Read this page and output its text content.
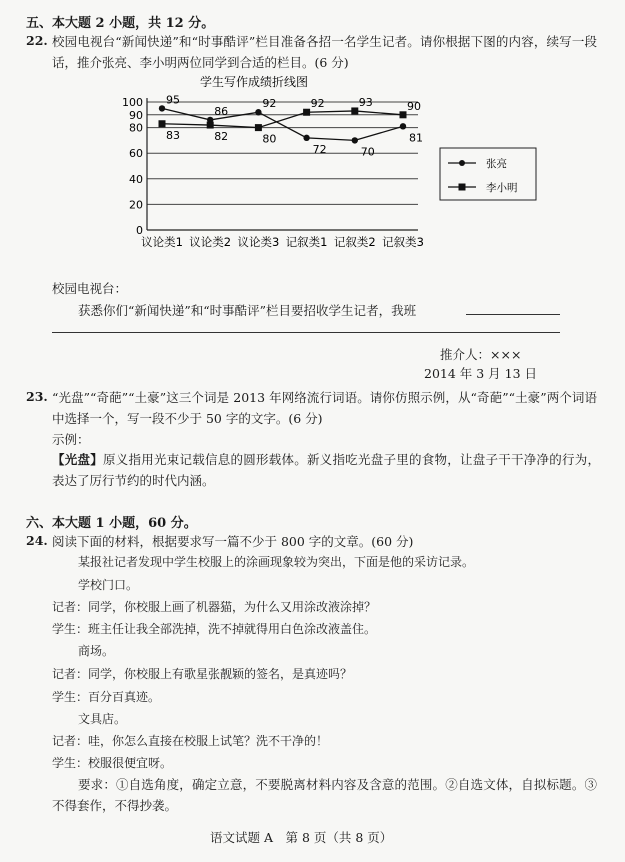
五、本大题 2 小题，共 12 分。
22. 校园电视台“新闻快递”和“时事酷评”栏目准备各招一名学生记者。请你根据下图的内容，续写一段话，推介张亮、李小明两位同学到合适的栏目。(6 分)
学生写作成绩折线图
0
20
40
60
80
90
100
议论类1 议论类2 议论类3 记叙类1 记叙类2 记叙类3
95
86
92
72	70
81
83	82	80
92	93	90
张亮
李小明
校园电视台：
获悉你们“新闻快递”和“时事酷评”栏目要招收学生记者，我班
推介人：×××
2014 年 3 月 13 日
23. “光盘”“奇葩”“土豪”这三个词是 2013 年网络流行词语。请你仿照示例，从“奇葩”“土豪”两个词语中选择一个，写一段不少于 50 字的文字。(6 分)
示例：
【光盘】原义指用光束记载信息的圆形载体。新义指吃光盘子里的食物，让盘子干干净净的行为，表达了厉行节约的时代内涵。
六、本大题 1 小题，60 分。
24. 阅读下面的材料，根据要求写一篇不少于 800 字的文章。(60 分)
某报社记者发现中学生校服上的涂画现象较为突出，下面是他的采访记录。
学校门口。
记者：同学，你校服上画了机器猫，为什么又用涂改液涂掉？
学生：班主任让我全部洗掉，洗不掉就得用白色涂改液盖住。
商场。
记者：同学，你校服上有歌星张靓颖的签名，是真迹吗？
学生：百分百真迹。
文具店。
记者：哇，你怎么直接在校服上试笔？洗不干净的！
学生：校服很便宜呀。
要求：①自选角度，确定立意，不要脱离材料内容及含意的范围。②自选文体，自拟标题。③不得套作，不得抄袭。
语文试题 A　第 8 页（共 8 页）
